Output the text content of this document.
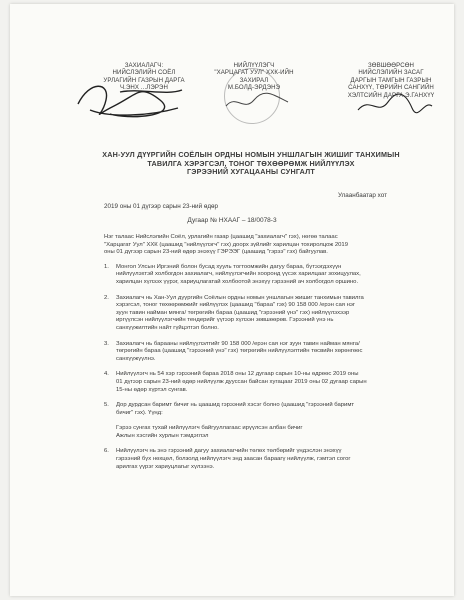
ЗАХИАЛАГЧ:
НИЙСЛЭЛИЙН СОЁЛ
УРЛАГИЙН ГАЗРЫН ДАРГА
Ч.ЭНХ ...ЛЭРЭН
НИЙЛҮҮЛЭГЧ
"ХАРЦАГАТ УУЛ" ХХК-ИЙН
ЗАХИРАЛ
М.БОЛД-ЭРДЭНЭ
ЗӨВШӨӨРСӨН
НИЙСЛЭЛИЙН ЗАСАГ
ДАРГЫН ТАМГЫН ГАЗРЫН
САНХҮҮ, ТӨРИЙН САНГИЙН
ХЭЛТСИЙН ДАРГА Э.ГАНХҮҮ
ХАН-УУЛ ДҮҮРГИЙН СОЁЛЫН ОРДНЫ НОМЫН УНШЛАГЫН ЖИШИГ ТАНХИМЫН
ТАВИЛГА ХЭРЭГСЭЛ, ТОНОГ ТӨХӨӨРӨМЖ НИЙЛҮҮЛЭХ
ГЭРЭЭНИЙ ХУГАЦААНЫ СУНГАЛТ
2019 оны 01 дүгээр сарын 23-ний өдөр
Улаанбаатар хот
Дугаар № НХААГ – 18/0078-3

Нэг талаас Нийслэлийн Соёл, урлагийн газар (цаашид "захиалагч" гэх), нөгөө талаас
"Харцагат Уул" ХХК (цаашид "нийлүүлэгч" гэх) доорх зүйлийг харилцан тохиролцож 2019
оны 01 дүгээр сарын 23-ний өдөр энэхүү ГЭРЭЭГ (цаашид "гэрээ" гэх) байгуулав.

1. Монгол Улсын Иргэний болон бусад хууль тогтоомжийн дагуу бараа, бүтээгдэхүүн
нийлүүлэхтэй холбогдон захиалагч, нийлүүлэгчийн хооронд үүсэх харилцааг зохицуулах,
харилцан хүлээх үүрэг, хариуцлагатай холбоотой энэхүү гэрээний ач холбогдол оршино.
2. Захиалагч нь Хан-Уул дүүргийн Соёлын ордны номын уншлагын жишиг танхимын тавилга
хэрэгсэл, тоног төхөөрөмжийг нийлүүлэх (цаашид "бараа" гэх) 90 158 000 /ерэн сая нэг
зуун тавин найман мянга/ төгрөгийн бараа (цаашид "гэрээний үнэ" гэх) нийлүүлэхээр
иргүүлсэн нийлүүлэгчийн тендерийг үүгээр хүлээн зөвшөөрөв. Гэрээний үнэ нь
санхүүжилтийн найт гүйцэтгэл болно.
3. Захиалагч нь барааны нийлүүлэлтийг 90 158 000 /ерэн сая нэг зуун тавин найман мянга/
төгрөгийн бараа (цаашид "гэрээний үнэ" гэх) төгрөгийн нийлүүлэлтийн төсвийн хөрөнгөөс
санхүүжүүлнэ.
4. Нийлүүлэгч нь 54 хэр гэрээний бараа 2018 оны 12 дугаар сарын 10-ны өдрөөс 2019 оны
01 дүгээр сарын 23-ний өдөр нийлүүлж дууссан байсан хугацааг 2019 оны 02 дугаар сарын
15-ны өдөр хүртэл сунгав.
5. Дор дурдсан баримт бичиг нь цаашид гэрээний хэсэг болно (цаашид "гэрээний баримт
бичиг" гэх). Үүнд:
Гэрээ сунгах тухай нийлүүлэгч байгууллагаас ирүүлсэн албан бичиг
Ажлын хэсгийн хурлын тэмдэглэл
6. Нийлүүлэгч нь энэ гэрээний дагуу захиалагчийн төлөх төлбөрийг үндэслэн энэхүү
гэрээний бүх нөхцөл, болзолд нийлүүлэгч энд заасан бараагү нийлүүлж, гэмтэл согог
арилгах үүрэг хариуцлагыг хүлээнэ.
